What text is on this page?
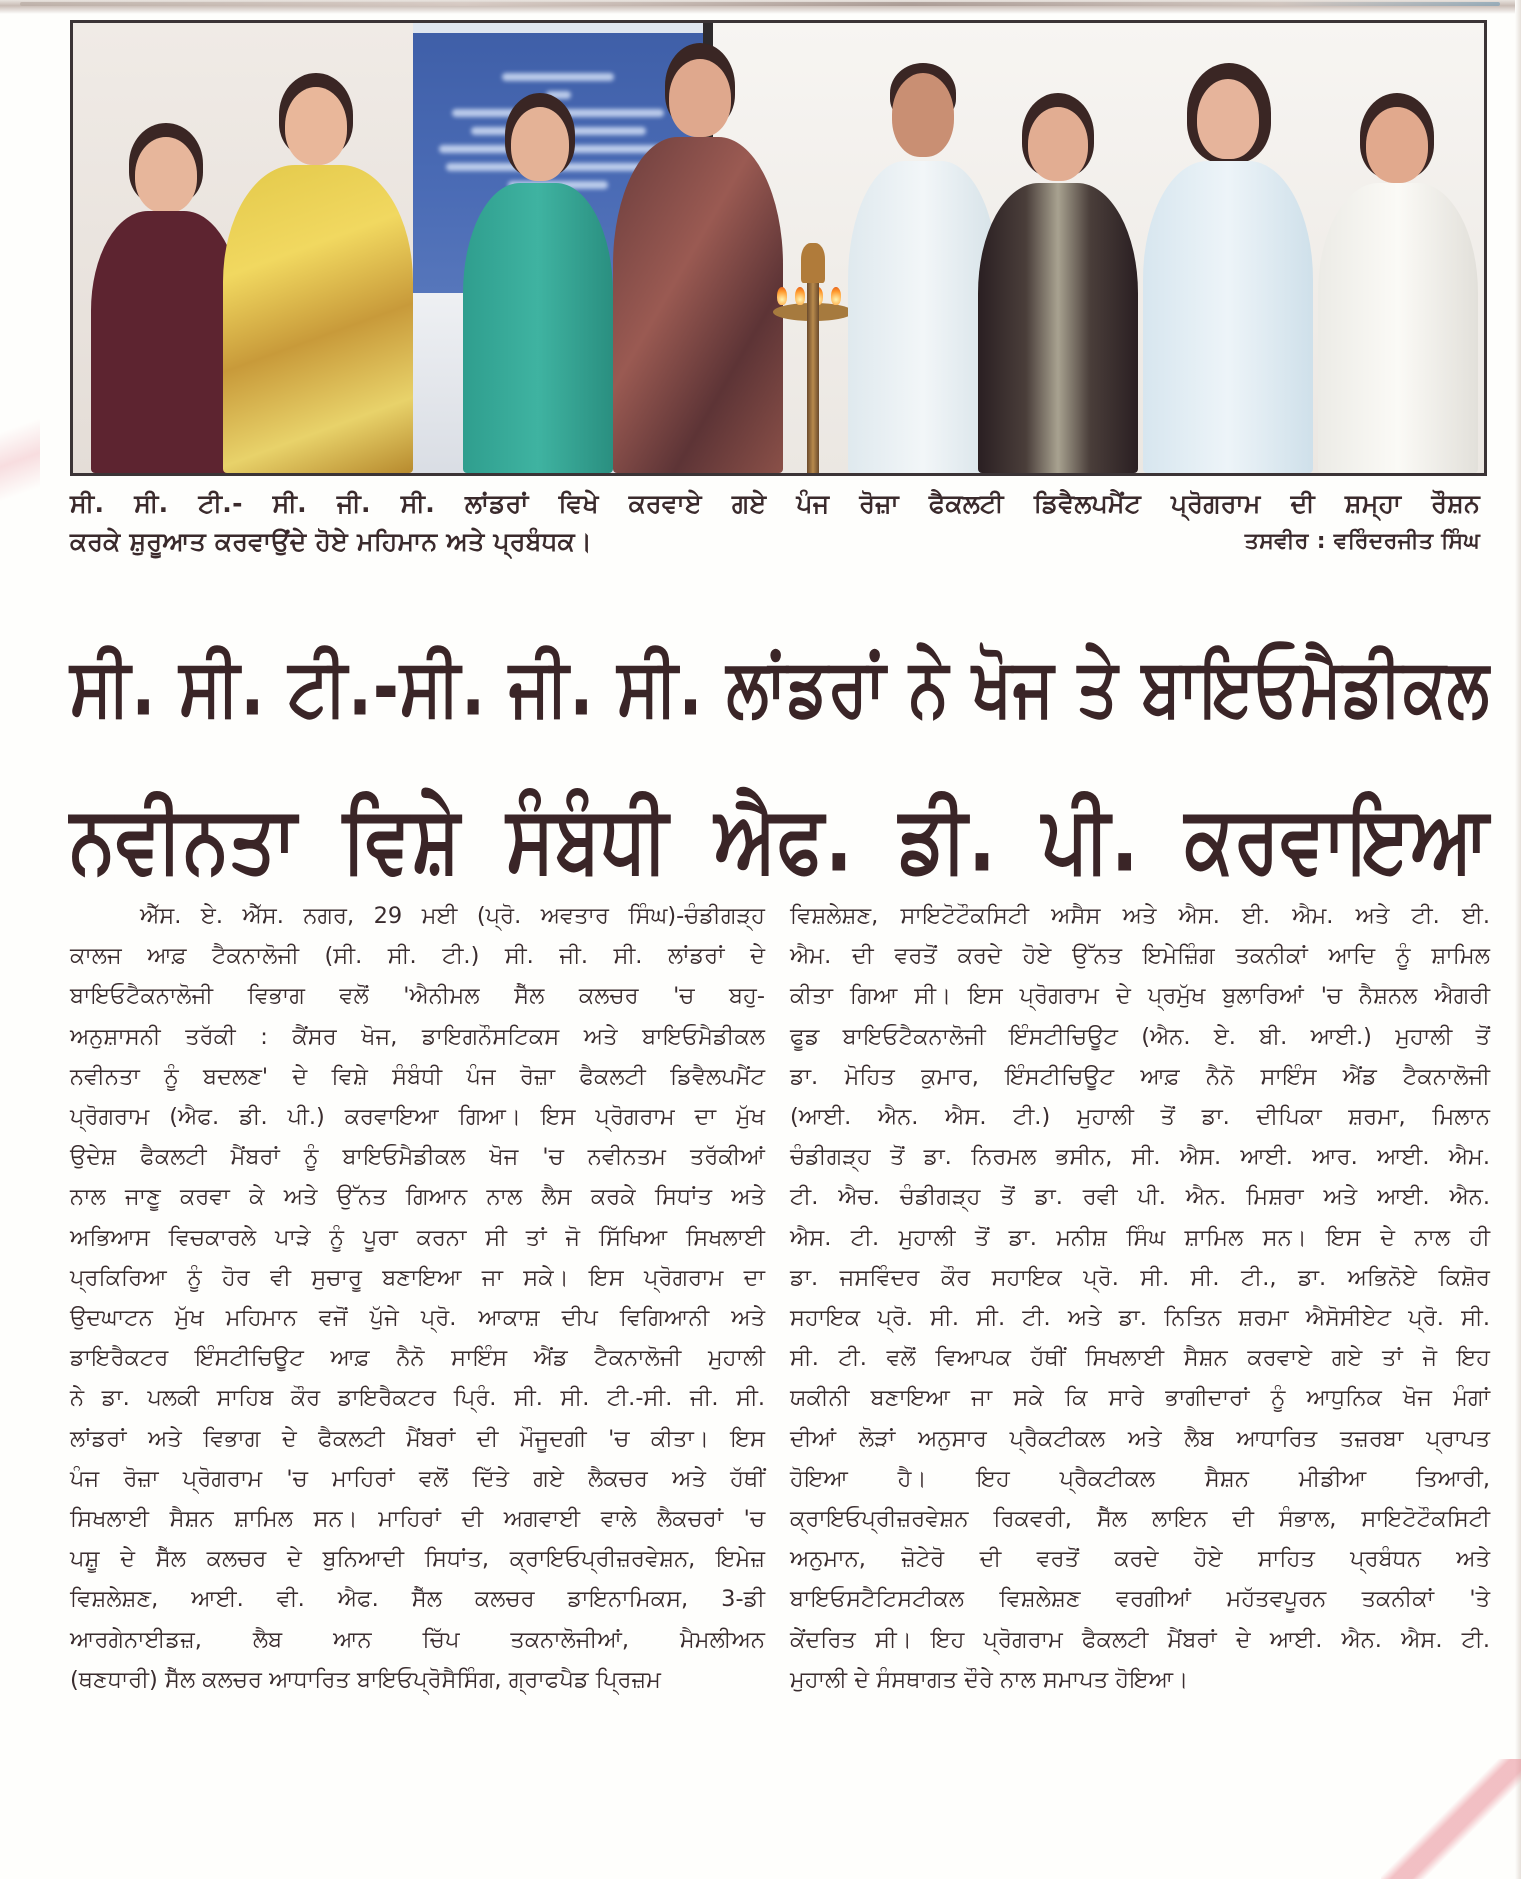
ਸੀ. ਸੀ. ਟੀ.- ਸੀ. ਜੀ. ਸੀ. ਲਾਂਡਰਾਂ ਵਿਖੇ ਕਰਵਾਏ ਗਏ ਪੰਜ ਰੋਜ਼ਾ ਫੈਕਲਟੀ ਡਿਵੈਲਪਮੈਂਟ ਪ੍ਰੋਗਰਾਮ ਦੀ ਸ਼ਮ੍ਹਾ ਰੌਸ਼ਨ
ਕਰਕੇ ਸ਼ੁਰੂਆਤ ਕਰਵਾਉਂਦੇ ਹੋਏ ਮਹਿਮਾਨ ਅਤੇ ਪ੍ਰਬੰਧਕ।	ਤਸਵੀਰ : ਵਰਿੰਦਰਜੀਤ ਸਿੰਘ
ਸੀ. ਸੀ. ਟੀ.-ਸੀ. ਜੀ. ਸੀ. ਲਾਂਡਰਾਂ ਨੇ ਖੋਜ ਤੇ ਬਾਇਓਮੈਡੀਕਲ
ਨਵੀਨਤਾ ਵਿਸ਼ੇ ਸੰਬੰਧੀ ਐਫ. ਡੀ. ਪੀ. ਕਰਵਾਇਆ
ਐੱਸ. ਏ. ਐੱਸ. ਨਗਰ, 29 ਮਈ (ਪ੍ਰੋ. ਅਵਤਾਰ ਸਿੰਘ)-ਚੰਡੀਗੜ੍ਹ
ਕਾਲਜ ਆਫ਼ ਟੈਕਨਾਲੋਜੀ (ਸੀ. ਸੀ. ਟੀ.) ਸੀ. ਜੀ. ਸੀ. ਲਾਂਡਰਾਂ ਦੇ
ਬਾਇਓਟੈਕਨਾਲੋਜੀ ਵਿਭਾਗ ਵਲੋਂ 'ਐਨੀਮਲ ਸੈੱਲ ਕਲਚਰ 'ਚ ਬਹੁ-
ਅਨੁਸ਼ਾਸਨੀ ਤਰੱਕੀ : ਕੈਂਸਰ ਖੋਜ, ਡਾਇਗਨੌਸਟਿਕਸ ਅਤੇ ਬਾਇਓਮੈਡੀਕਲ
ਨਵੀਨਤਾ ਨੂੰ ਬਦਲਣ' ਦੇ ਵਿਸ਼ੇ ਸੰਬੰਧੀ ਪੰਜ ਰੋਜ਼ਾ ਫੈਕਲਟੀ ਡਿਵੈਲਪਮੈਂਟ
ਪ੍ਰੋਗਰਾਮ (ਐਫ. ਡੀ. ਪੀ.) ਕਰਵਾਇਆ ਗਿਆ। ਇਸ ਪ੍ਰੋਗਰਾਮ ਦਾ ਮੁੱਖ
ਉਦੇਸ਼ ਫੈਕਲਟੀ ਮੈਂਬਰਾਂ ਨੂੰ ਬਾਇਓਮੈਡੀਕਲ ਖੋਜ 'ਚ ਨਵੀਨਤਮ ਤਰੱਕੀਆਂ
ਨਾਲ ਜਾਣੂ ਕਰਵਾ ਕੇ ਅਤੇ ਉੱਨਤ ਗਿਆਨ ਨਾਲ ਲੈਸ ਕਰਕੇ ਸਿਧਾਂਤ ਅਤੇ
ਅਭਿਆਸ ਵਿਚਕਾਰਲੇ ਪਾੜੇ ਨੂੰ ਪੂਰਾ ਕਰਨਾ ਸੀ ਤਾਂ ਜੋ ਸਿੱਖਿਆ ਸਿਖਲਾਈ
ਪ੍ਰਕਿਰਿਆ ਨੂੰ ਹੋਰ ਵੀ ਸੁਚਾਰੂ ਬਣਾਇਆ ਜਾ ਸਕੇ। ਇਸ ਪ੍ਰੋਗਰਾਮ ਦਾ
ਉਦਘਾਟਨ ਮੁੱਖ ਮਹਿਮਾਨ ਵਜੋਂ ਪੁੱਜੇ ਪ੍ਰੋ. ਆਕਾਸ਼ ਦੀਪ ਵਿਗਿਆਨੀ ਅਤੇ
ਡਾਇਰੈਕਟਰ ਇੰਸਟੀਚਿਊਟ ਆਫ਼ ਨੈਨੋ ਸਾਇੰਸ ਐਂਡ ਟੈਕਨਾਲੋਜੀ ਮੁਹਾਲੀ
ਨੇ ਡਾ. ਪਲਕੀ ਸਾਹਿਬ ਕੌਰ ਡਾਇਰੈਕਟਰ ਪ੍ਰਿੰ. ਸੀ. ਸੀ. ਟੀ.-ਸੀ. ਜੀ. ਸੀ.
ਲਾਂਡਰਾਂ ਅਤੇ ਵਿਭਾਗ ਦੇ ਫੈਕਲਟੀ ਮੈਂਬਰਾਂ ਦੀ ਮੌਜੂਦਗੀ 'ਚ ਕੀਤਾ। ਇਸ
ਪੰਜ ਰੋਜ਼ਾ ਪ੍ਰੋਗਰਾਮ 'ਚ ਮਾਹਿਰਾਂ ਵਲੋਂ ਦਿੱਤੇ ਗਏ ਲੈਕਚਰ ਅਤੇ ਹੱਥੀਂ
ਸਿਖਲਾਈ ਸੈਸ਼ਨ ਸ਼ਾਮਿਲ ਸਨ। ਮਾਹਿਰਾਂ ਦੀ ਅਗਵਾਈ ਵਾਲੇ ਲੈਕਚਰਾਂ 'ਚ
ਪਸ਼ੂ ਦੇ ਸੈੱਲ ਕਲਚਰ ਦੇ ਬੁਨਿਆਦੀ ਸਿਧਾਂਤ, ਕ੍ਰਾਇਓਪ੍ਰੀਜ਼ਰਵੇਸ਼ਨ, ਇਮੇਜ਼
ਵਿਸ਼ਲੇਸ਼ਣ, ਆਈ. ਵੀ. ਐਫ. ਸੈੱਲ ਕਲਚਰ ਡਾਇਨਾਮਿਕਸ, 3-ਡੀ
ਆਰਗੇਨਾਈਡਜ਼, ਲੈਬ ਆਨ ਚਿੱਪ ਤਕਨਾਲੋਜੀਆਂ, ਮੈਮਲੀਅਨ
(ਥਣਧਾਰੀ) ਸੈੱਲ ਕਲਚਰ ਆਧਾਰਿਤ ਬਾਇਓਪ੍ਰੋਸੈਸਿੰਗ, ਗ੍ਰਾਫਪੈਡ ਪ੍ਰਿਜ਼ਮ
ਵਿਸ਼ਲੇਸ਼ਣ, ਸਾਇਟੋਟੌਕਸਿਟੀ ਅਸੈਸ ਅਤੇ ਐਸ. ਈ. ਐਮ. ਅਤੇ ਟੀ. ਈ.
ਐਮ. ਦੀ ਵਰਤੋਂ ਕਰਦੇ ਹੋਏ ਉੱਨਤ ਇਮੇਜ਼ਿੰਗ ਤਕਨੀਕਾਂ ਆਦਿ ਨੂੰ ਸ਼ਾਮਿਲ
ਕੀਤਾ ਗਿਆ ਸੀ। ਇਸ ਪ੍ਰੋਗਰਾਮ ਦੇ ਪ੍ਰਮੁੱਖ ਬੁਲਾਰਿਆਂ 'ਚ ਨੈਸ਼ਨਲ ਐਗਰੀ
ਫੂਡ ਬਾਇਓਟੈਕਨਾਲੋਜੀ ਇੰਸਟੀਚਿਊਟ (ਐਨ. ਏ. ਬੀ. ਆਈ.) ਮੁਹਾਲੀ ਤੋਂ
ਡਾ. ਮੋਹਿਤ ਕੁਮਾਰ, ਇੰਸਟੀਚਿਊਟ ਆਫ਼ ਨੈਨੋ ਸਾਇੰਸ ਐਂਡ ਟੈਕਨਾਲੋਜੀ
(ਆਈ. ਐਨ. ਐਸ. ਟੀ.) ਮੁਹਾਲੀ ਤੋਂ ਡਾ. ਦੀਪਿਕਾ ਸ਼ਰਮਾ, ਮਿਲਾਨ
ਚੰਡੀਗੜ੍ਹ ਤੋਂ ਡਾ. ਨਿਰਮਲ ਭਸੀਨ, ਸੀ. ਐਸ. ਆਈ. ਆਰ. ਆਈ. ਐਮ.
ਟੀ. ਐਚ. ਚੰਡੀਗੜ੍ਹ ਤੋਂ ਡਾ. ਰਵੀ ਪੀ. ਐਨ. ਮਿਸ਼ਰਾ ਅਤੇ ਆਈ. ਐਨ.
ਐਸ. ਟੀ. ਮੁਹਾਲੀ ਤੋਂ ਡਾ. ਮਨੀਸ਼ ਸਿੰਘ ਸ਼ਾਮਿਲ ਸਨ। ਇਸ ਦੇ ਨਾਲ ਹੀ
ਡਾ. ਜਸਵਿੰਦਰ ਕੌਰ ਸਹਾਇਕ ਪ੍ਰੋ. ਸੀ. ਸੀ. ਟੀ., ਡਾ. ਅਭਿਨੋਏ ਕਿਸ਼ੋਰ
ਸਹਾਇਕ ਪ੍ਰੋ. ਸੀ. ਸੀ. ਟੀ. ਅਤੇ ਡਾ. ਨਿਤਿਨ ਸ਼ਰਮਾ ਐਸੋਸੀਏਟ ਪ੍ਰੋ. ਸੀ.
ਸੀ. ਟੀ. ਵਲੋਂ ਵਿਆਪਕ ਹੱਥੀਂ ਸਿਖਲਾਈ ਸੈਸ਼ਨ ਕਰਵਾਏ ਗਏ ਤਾਂ ਜੋ ਇਹ
ਯਕੀਨੀ ਬਣਾਇਆ ਜਾ ਸਕੇ ਕਿ ਸਾਰੇ ਭਾਗੀਦਾਰਾਂ ਨੂੰ ਆਧੁਨਿਕ ਖੋਜ ਮੰਗਾਂ
ਦੀਆਂ ਲੋੜਾਂ ਅਨੁਸਾਰ ਪ੍ਰੈਕਟੀਕਲ ਅਤੇ ਲੈਬ ਆਧਾਰਿਤ ਤਜ਼ਰਬਾ ਪ੍ਰਾਪਤ
ਹੋਇਆ ਹੈ। ਇਹ ਪ੍ਰੈਕਟੀਕਲ ਸੈਸ਼ਨ ਮੀਡੀਆ ਤਿਆਰੀ,
ਕ੍ਰਾਇਓਪ੍ਰੀਜ਼ਰਵੇਸ਼ਨ ਰਿਕਵਰੀ, ਸੈੱਲ ਲਾਇਨ ਦੀ ਸੰਭਾਲ, ਸਾਇਟੋਟੌਕਸਿਟੀ
ਅਨੁਮਾਨ, ਜ਼ੋਟੇਰੋ ਦੀ ਵਰਤੋਂ ਕਰਦੇ ਹੋਏ ਸਾਹਿਤ ਪ੍ਰਬੰਧਨ ਅਤੇ
ਬਾਇਓਸਟੈਟਿਸਟੀਕਲ ਵਿਸ਼ਲੇਸ਼ਣ ਵਰਗੀਆਂ ਮਹੱਤਵਪੂਰਨ ਤਕਨੀਕਾਂ 'ਤੇ
ਕੇਂਦਰਿਤ ਸੀ। ਇਹ ਪ੍ਰੋਗਰਾਮ ਫੈਕਲਟੀ ਮੈਂਬਰਾਂ ਦੇ ਆਈ. ਐਨ. ਐਸ. ਟੀ.
ਮੁਹਾਲੀ ਦੇ ਸੰਸਥਾਗਤ ਦੌਰੇ ਨਾਲ ਸਮਾਪਤ ਹੋਇਆ।
